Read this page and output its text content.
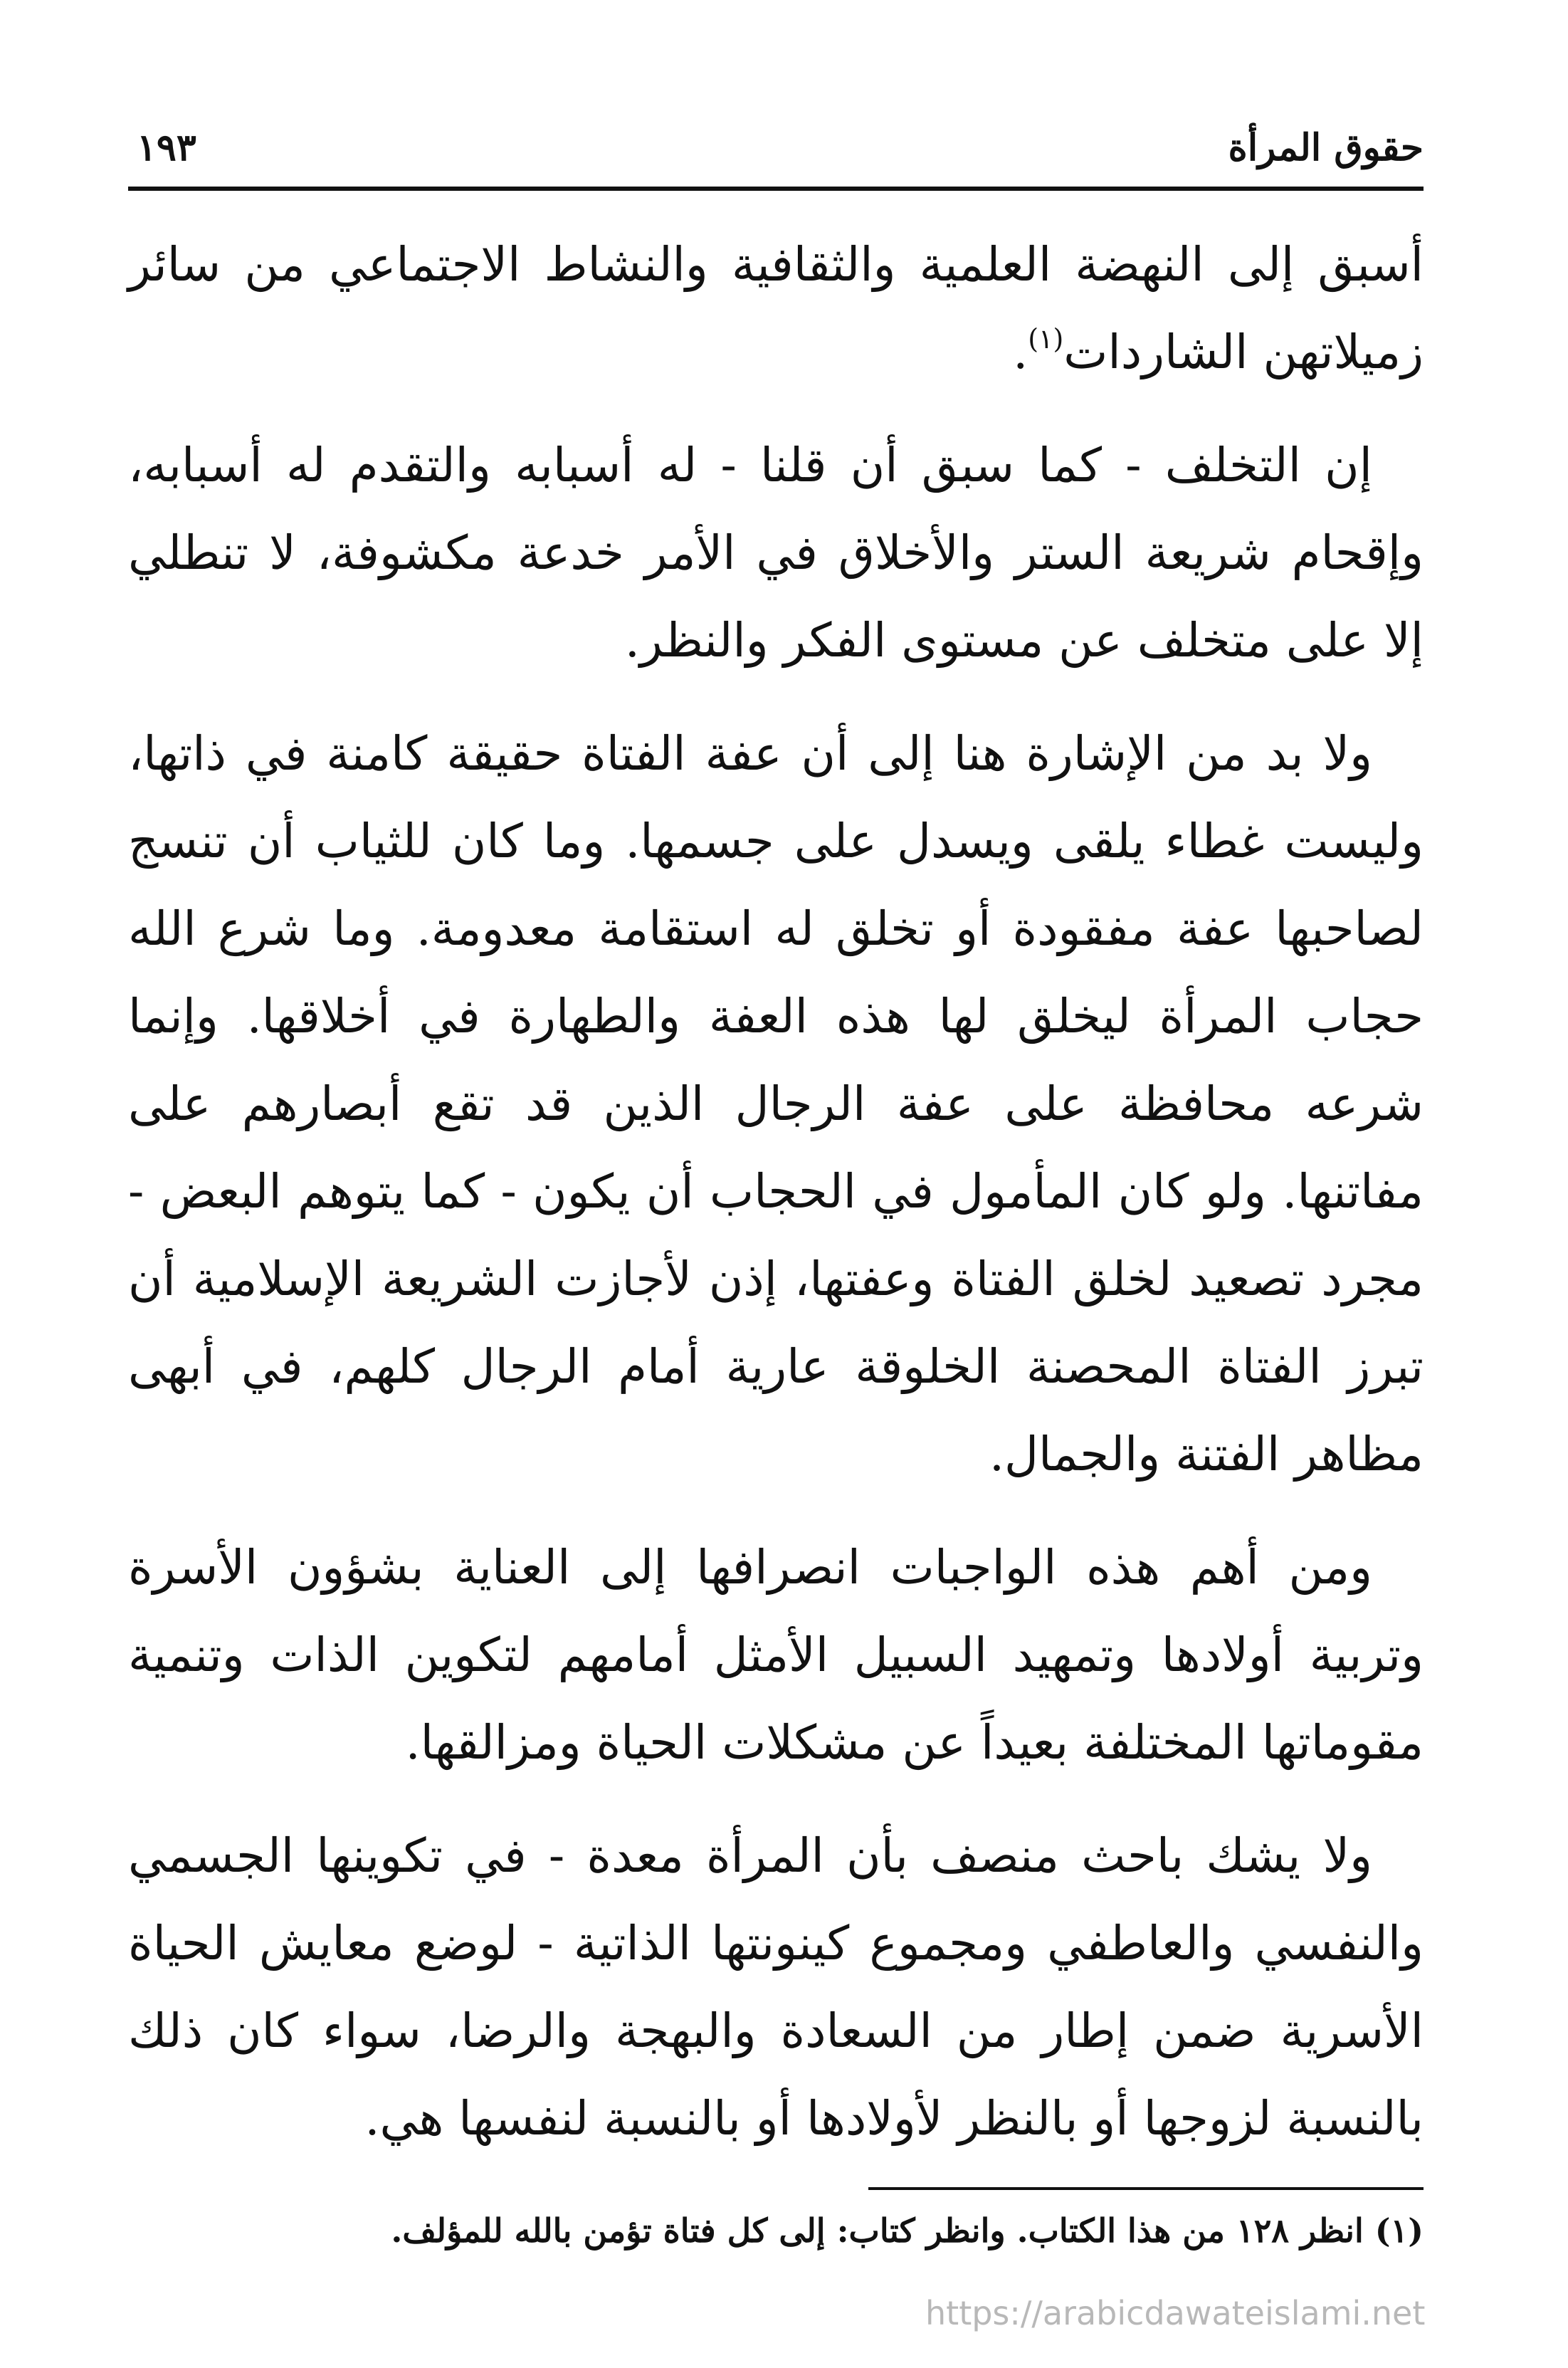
حقوق المرأة
١٩٣

أسبق إلى النهضة العلمية والثقافية والنشاط الاجتماعي من سائر زميلاتهن الشاردات$^{(١)}$.

إن التخلف - كما سبق أن قلنا - له أسبابه والتقدم له أسبابه، وإقحام شريعة الستر والأخلاق في الأمر خدعة مكشوفة، لا تنطلي إلا على متخلف عن مستوى الفكر والنظر.

ولا بد من الإشارة هنا إلى أن عفة الفتاة حقيقة كامنة في ذاتها، وليست غطاء يلقى ويسدل على جسمها. وما كان للثياب أن تنسج لصاحبها عفة مفقودة أو تخلق له استقامة معدومة. وما شرع الله حجاب المرأة ليخلق لها هذه العفة والطهارة في أخلاقها. وإنما شرعه محافظة على عفة الرجال الذين قد تقع أبصارهم على مفاتنها. ولو كان المأمول في الحجاب أن يكون - كما يتوهم البعض - مجرد تصعيد لخلق الفتاة وعفتها، إذن لأجازت الشريعة الإسلامية أن تبرز الفتاة المحصنة الخلوقة عارية أمام الرجال كلهم، في أبهى مظاهر الفتنة والجمال.

ومن أهم هذه الواجبات انصرافها إلى العناية بشؤون الأسرة وتربية أولادها وتمهيد السبيل الأمثل أمامهم لتكوين الذات وتنمية مقوماتها المختلفة بعيداً عن مشكلات الحياة ومزالقها.

ولا يشك باحث منصف بأن المرأة معدة - في تكوينها الجسمي والنفسي والعاطفي ومجموع كينونتها الذاتية - لوضع معايش الحياة الأسرية ضمن إطار من السعادة والبهجة والرضا، سواء كان ذلك بالنسبة لزوجها أو بالنظر لأولادها أو بالنسبة لنفسها هي.

(١) انظر ١٢٨ من هذا الكتاب. وانظر كتاب: إلى كل فتاة تؤمن بالله للمؤلف.
https://arabicdawateislami.net
